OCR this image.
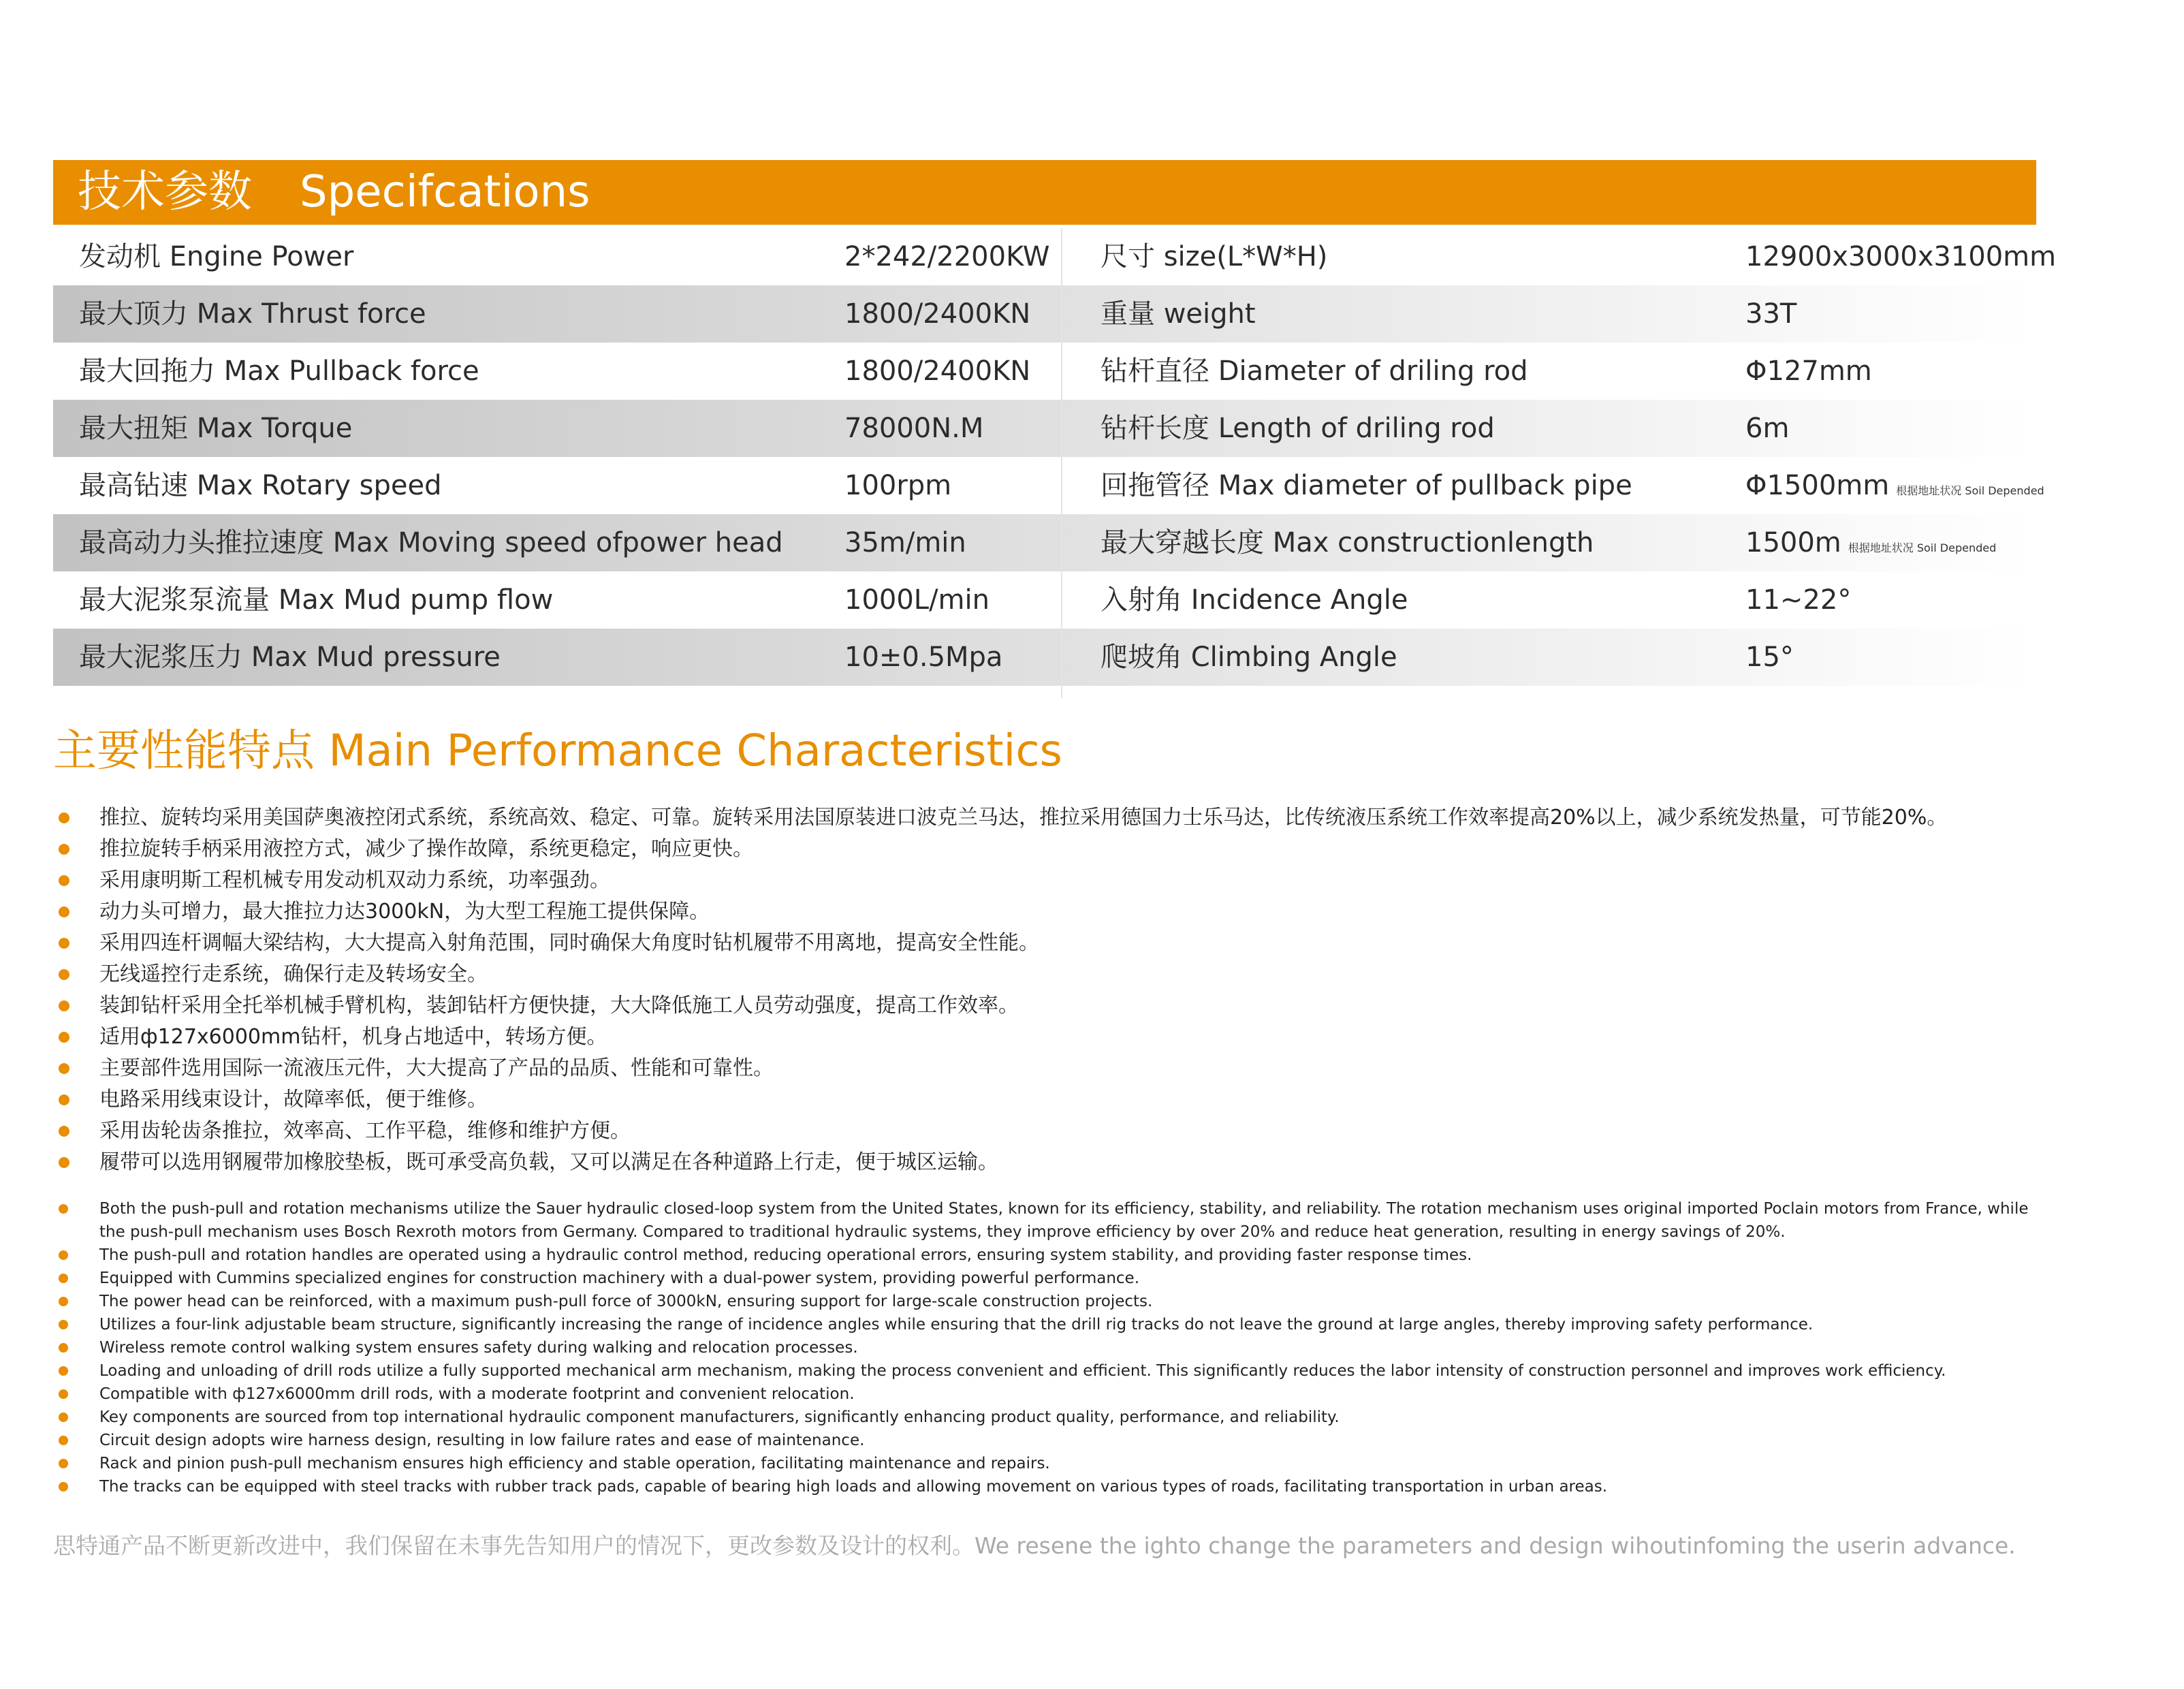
技术参数 Specifcations
发动机 Engine Power	2*242/2200KW 尺寸 size(L*W*H)	12900x3000x3100mm
最大顶力 Max Thrust force	1800/2400KN	重量 weight	33T
最大回拖力 Max Pullback force	1800/2400KN	钻杆直径 Diameter of driling rod	Φ127mm
最大扭矩 Max Torque	78000N.M	钻杆长度 Length of driling rod	6m
最高钻速 Max Rotary speed	100rpm	回拖管径 Max diameter of pullback pipe	Φ1500mm 根据地址状况 Soil Depended
最高动力头推拉速度 Max Moving speed ofpower head 35m/min	最大穿越长度 Max constructionlength	1500m 根据地址状况 Soil Depended
最大泥浆泵流量 Max Mud pump flow	1000L/min	入射角 Incidence Angle	11~22°
最大泥浆压力 Max Mud pressure	10±0.5Mpa	爬坡角 Climbing Angle	15°
主要性能特点 Main Performance Characteristics
推拉、旋转均采用美国萨奥液控闭式系统，系统高效、稳定、可靠。旋转采用法国原装进口波克兰马达，推拉采用德国力士乐马达，比传统液压系统工作效率提高20%以上，减少系统发热量，可节能20%。
推拉旋转手柄采用液控方式，减少了操作故障，系统更稳定，响应更快。
采用康明斯工程机械专用发动机双动力系统，功率强劲。
动力头可增力，最大推拉力达3000kN，为大型工程施工提供保障。
采用四连杆调幅大梁结构，大大提高入射角范围，同时确保大角度时钻机履带不用离地，提高安全性能。
无线遥控行走系统，确保行走及转场安全。
装卸钻杆采用全托举机械手臂机构，装卸钻杆方便快捷，大大降低施工人员劳动强度，提高工作效率。
适用ф127x6000mm钻杆，机身占地适中，转场方便。
主要部件选用国际一流液压元件，大大提高了产品的品质、性能和可靠性。
电路采用线束设计，故障率低，便于维修。
采用齿轮齿条推拉，效率高、工作平稳，维修和维护方便。
履带可以选用钢履带加橡胶垫板，既可承受高负载，又可以满足在各种道路上行走，便于城区运输。
Both the push-pull and rotation mechanisms utilize the Sauer hydraulic closed-loop system from the United States, known for its efficiency, stability, and reliability. The rotation mechanism uses original imported Poclain motors from France, while the push-pull mechanism uses Bosch Rexroth motors from Germany. Compared to traditional hydraulic systems, they improve efficiency by over 20% and reduce heat generation, resulting in energy savings of 20%.
The push-pull and rotation handles are operated using a hydraulic control method, reducing operational errors, ensuring system stability, and providing faster response times.
Equipped with Cummins specialized engines for construction machinery with a dual-power system, providing powerful performance.
The power head can be reinforced, with a maximum push-pull force of 3000kN, ensuring support for large-scale construction projects.
Utilizes a four-link adjustable beam structure, significantly increasing the range of incidence angles while ensuring that the drill rig tracks do not leave the ground at large angles, thereby improving safety performance.
Wireless remote control walking system ensures safety during walking and relocation processes.
Loading and unloading of drill rods utilize a fully supported mechanical arm mechanism, making the process convenient and efficient. This significantly reduces the labor intensity of construction personnel and improves work efficiency.
Compatible with ф127x6000mm drill rods, with a moderate footprint and convenient relocation.
Key components are sourced from top international hydraulic component manufacturers, significantly enhancing product quality, performance, and reliability.
Circuit design adopts wire harness design, resulting in low failure rates and ease of maintenance.
Rack and pinion push-pull mechanism ensures high efficiency and stable operation, facilitating maintenance and repairs.
The tracks can be equipped with steel tracks with rubber track pads, capable of bearing high loads and allowing movement on various types of roads, facilitating transportation in urban areas.
思特通产品不断更新改进中，我们保留在未事先告知用户的情况下，更改参数及设计的权利。We resene the ighto change the parameters and design wihoutinfoming the userin advance.
